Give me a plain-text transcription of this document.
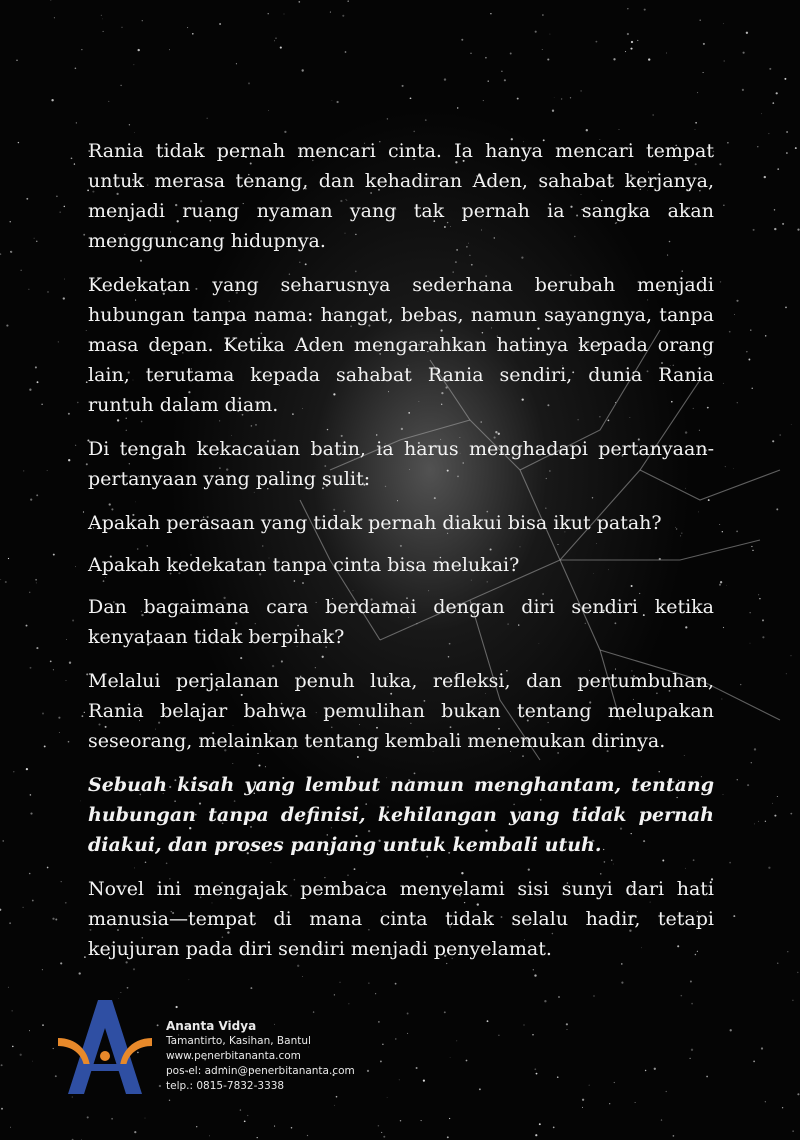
Rania tidak pernah mencari cinta. Ia hanya mencari tempat untuk merasa tenang, dan kehadiran Aden, sahabat kerjanya, menjadi ruang nyaman yang tak pernah ia sangka akan mengguncang hidupnya.

Kedekatan yang seharusnya sederhana berubah menjadi hubungan tanpa nama: hangat, bebas, namun sayangnya, tanpa masa depan. Ketika Aden mengarahkan hatinya kepada orang lain, terutama kepada sahabat Rania sendiri, dunia Rania runtuh dalam diam.

Di tengah kekacauan batin, ia harus menghadapi pertanyaan-pertanyaan yang paling sulit:

Apakah perasaan yang tidak pernah diakui bisa ikut patah?

Apakah kedekatan tanpa cinta bisa melukai?

Dan bagaimana cara berdamai dengan diri sendiri ketika kenyataan tidak berpihak?

Melalui perjalanan penuh luka, refleksi, dan pertumbuhan, Rania belajar bahwa pemulihan bukan tentang melupakan seseorang, melainkan tentang kembali menemukan dirinya.

Sebuah kisah yang lembut namun menghantam, tentang hubungan tanpa definisi, kehilangan yang tidak pernah diakui, dan proses panjang untuk kembali utuh.

Novel ini mengajak pembaca menyelami sisi sunyi dari hati manusia—tempat di mana cinta tidak selalu hadir, tetapi kejujuran pada diri sendiri menjadi penyelamat.

Ananta Vidya
Tamantirto, Kasihan, Bantul
www.penerbitananta.com
pos-el: admin@penerbitananta.com
telp.: 0815-7832-3338
